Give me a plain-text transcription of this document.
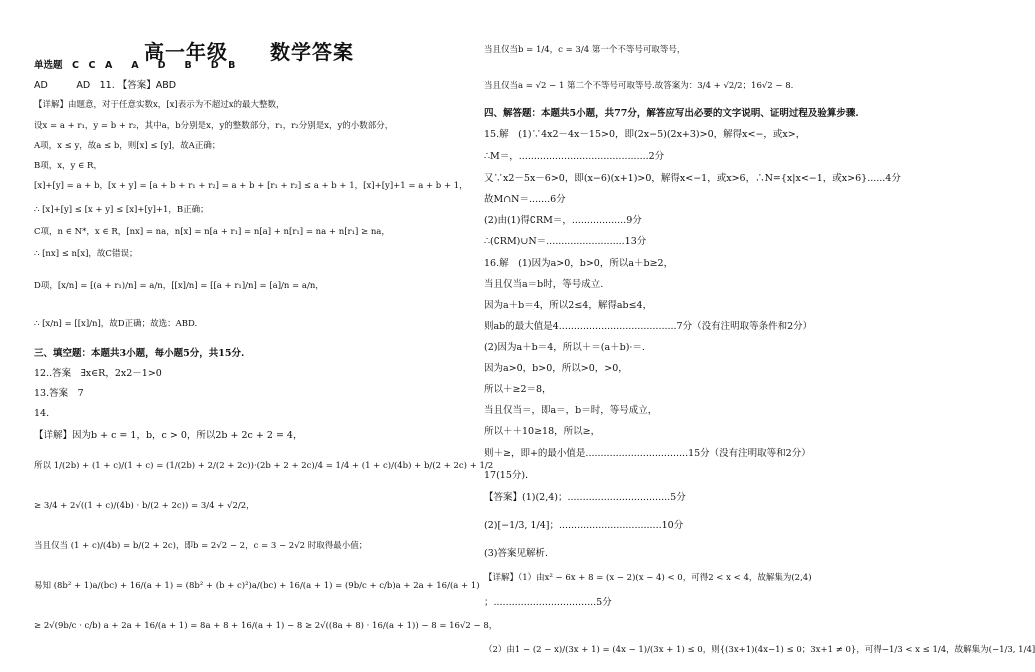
高一年级　　数学答案
单选题　C　C　A　　A　　D　　B　　D　B
AD　　　AD　11. 【答案】ABD
【详解】由题意，对于任意实数x，[x]表示为不超过x的最大整数，
设x = a + r₁，y = b + r₂，其中a，b分别是x，y的整数部分，r₁，r₂分别是x，y的小数部分，
A项，x ≤ y，故a ≤ b，则[x] ≤ [y]，故A正确；
B项，x，y ∈ R，
[x]+[y] = a + b，[x + y] = [a + b + r₁ + r₂] = a + b + [r₁ + r₂] ≤ a + b + 1，[x]+[y]+1 = a + b + 1，
∴ [x]+[y] ≤ [x + y] ≤ [x]+[y]+1，B正确；
C项，n ∈ N*，x ∈ R，[nx] = na，n[x] = n[a + r₁] = n[a] + n[r₁] = na + n[r₁] ≥ na，
∴ [nx] ≤ n[x]，故C错误；
D项，[x/n] = [(a + r₁)/n] = a/n，[[x]/n] = [[a + r₁]/n] = [a]/n = a/n，
∴ [x/n] = [[x]/n]，故D正确；故选：ABD.
三、填空题：本题共3小题，每小题5分，共15分.
12..答案　∃x∈R，2x2－1>0
13.答案　7
14.
【详解】因为b + c = 1，b，c > 0，所以2b + 2c + 2 = 4，
所以 1/(2b) + (1 + c)/(1 + c) = (1/(2b) + 2/(2 + 2c))·(2b + 2 + 2c)/4 = 1/4 + (1 + c)/(4b) + b/(2 + 2c) + 1/2
≥ 3/4 + 2√((1 + c)/(4b) · b/(2 + 2c)) = 3/4 + √2/2，
当且仅当 (1 + c)/(4b) = b/(2 + 2c)，即b = 2√2 − 2，c = 3 − 2√2 时取得最小值；
易知 (8b² + 1)a/(bc) + 16/(a + 1) = (8b² + (b + c)²)a/(bc) + 16/(a + 1) = (9b/c + c/b)a + 2a + 16/(a + 1)
≥ 2√(9b/c · c/b) a + 2a + 16/(a + 1) = 8a + 8 + 16/(a + 1) − 8 ≥ 2√((8a + 8) · 16/(a + 1)) − 8 = 16√2 − 8，
当且仅当b = 1/4，c = 3/4 第一个不等号可取等号，
当且仅当a = √2 − 1 第二个不等号可取等号.故答案为：3/4 + √2/2；16√2 − 8.
四、解答题：本题共5小题，共77分，解答应写出必要的文字说明、证明过程及验算步骤.
15.解　(1)∵4x2－4x－15>0，即(2x−5)(2x+3)>0，解得x<−，或x>，
∴M＝，...........................................2分
又∵x2－5x－6>0，即(x−6)(x+1)>0，解得x<−1，或x>6，∴N={x|x<−1，或x>6}......4分
故M∩N＝.......6分
(2)由(1)得∁RM＝，..................9分
∴(∁RM)∪N＝..........................13分
16.解　(1)因为a>0，b>0，所以a＋b≥2，
当且仅当a＝b时，等号成立.
因为a＋b＝4，所以2≤4，解得ab≤4，
则ab的最大值是4.......................................7分（没有注明取等条件和2分）
(2)因为a＋b＝4，所以＋＝(a＋b)·＝.
因为a>0，b>0，所以>0，>0，
所以＋≥2＝8，
当且仅当＝，即a＝，b＝时，等号成立，
所以＋＋10≥18，所以≥，
则＋≥，即+的最小值是..................................15分（没有注明取等和2分）
17(15分)．
【答案】(1)(2,4)；..................................5分
(2)[−1/3, 1/4]；..................................10分
(3)答案见解析.
【详解】（1）由x² − 6x + 8 = (x − 2)(x − 4) < 0，可得2 < x < 4，故解集为(2,4)
；..................................5分
（2）由1 − (2 − x)/(3x + 1) = (4x − 1)/(3x + 1) ≤ 0，则{(3x+1)(4x−1) ≤ 0；3x+1 ≠ 0}，可得−1/3 < x ≤ 1/4，故解集为(−1/3, 1/4]
